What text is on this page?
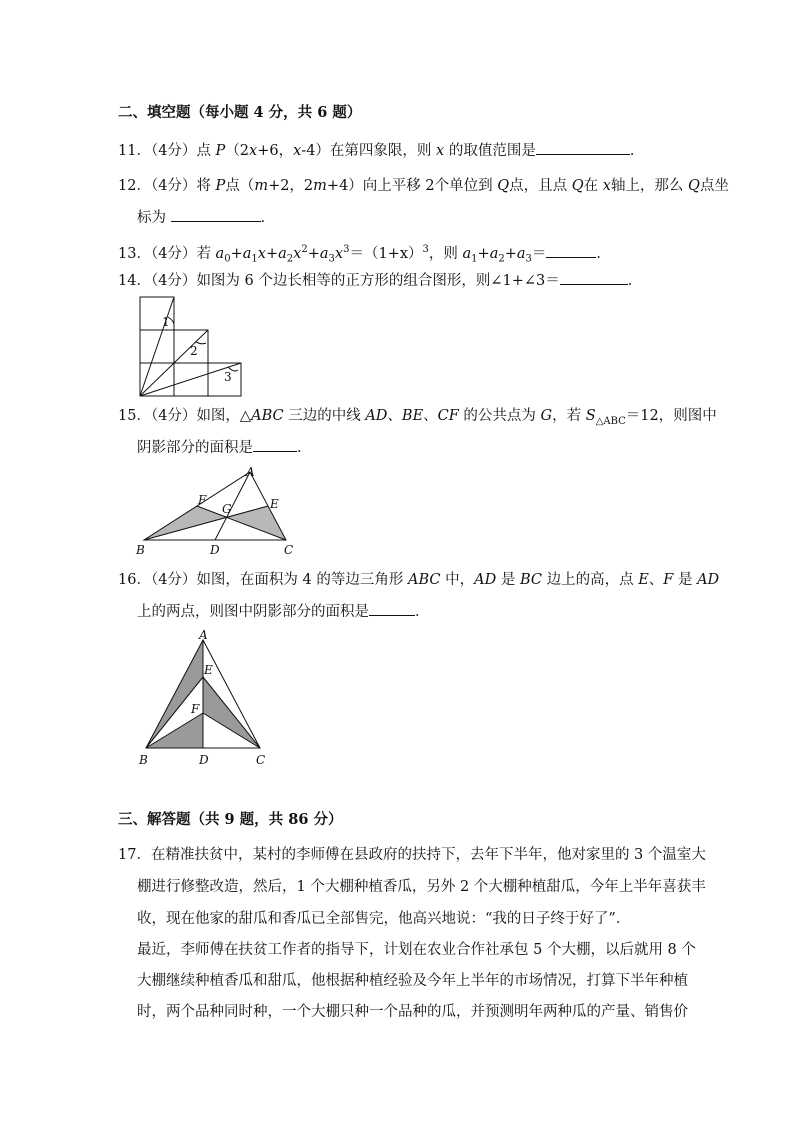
二、填空题（每小题 4 分，共 6 题）
11．（4分）点 P（2x+6，x-4）在第四象限，则 x 的取值范围是	．
12．（4分）将 P点（m+2，2m+4）向上平移 2个单位到 Q点，且点 Q在 x轴上，那么 Q点坐
标为	．
13．（4分）若 $a_0+a_1x+a_2x^2+a_3x^3=(1+x)^3$，则 $a_1+a_2+a_3=$	．
14．（4分）如图为 6 个边长相等的正方形的组合图形，则∠1+∠3＝	．
1
2
3
15．（4分）如图，△ABC 三边的中线 AD、BE、CF 的公共点为 G，若 $S_{\triangle ABC}=12$，则图中
阴影部分的面积是	．
A
B	C
D
E
F
G
16．（4分）如图，在面积为 4 的等边三角形 ABC 中，AD 是 BC 边上的高，点 E、F 是 AD
上的两点，则图中阴影部分的面积是	．
A
B	C
D
E
F
三、解答题（共 9 题，共 86 分）
17．在精准扶贫中，某村的李师傅在县政府的扶持下，去年下半年，他对家里的 3 个温室大
棚进行修整改造，然后，1 个大棚种植香瓜，另外 2 个大棚种植甜瓜，今年上半年喜获丰
收，现在他家的甜瓜和香瓜已全部售完，他高兴地说：“我的日子终于好了”．
最近，李师傅在扶贫工作者的指导下，计划在农业合作社承包 5 个大棚，以后就用 8 个
大棚继续种植香瓜和甜瓜，他根据种植经验及今年上半年的市场情况，打算下半年种植
时，两个品种同时种，一个大棚只种一个品种的瓜，并预测明年两种瓜的产量、销售价
